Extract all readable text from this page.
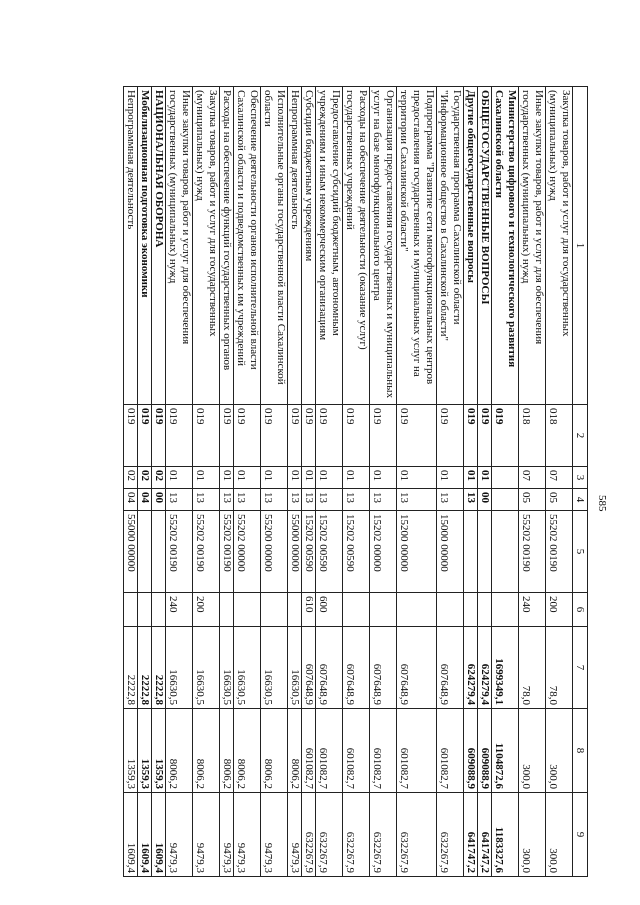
585
1	2	3	4	5	6	7	8	9
Закупка товаров, работ и услуг для государственных (муниципальных) нужд	018	07	05	55202 00190	200	78,0	300,0	300,0
Иные закупки товаров, работ и услуг для обеспечения государственных (муниципальных) нужд	018	07	05	55202 00190	240	78,0	300,0	300,0
Министерство цифрового и технологического развития Сахалинской области	019					1699349,1	1104872,6	1183327,6
ОБЩЕГОСУДАРСТВЕННЫЕ ВОПРОСЫ	019	01	00			624279,4	609088,9	641747,2
Другие общегосударственные вопросы	019	01	13			624279,4	609088,9	641747,2
Государственная программа Сахалинской области "Информационное общество в Сахалинской области"	019	01	13	15000 00000		607648,9	601082,7	632267,9
Подпрограмма "Развитие сети многофункциональных центров предоставления государственных и муниципальных услуг на территории Сахалинской области"	019	01	13	15200 00000		607648,9	601082,7	632267,9
Организация предоставления государственных и муниципальных услуг на базе многофункционального центра	019	01	13	15202 00000		607648,9	601082,7	632267,9
Расходы на обеспечение деятельности (оказание услуг) государственных учреждений	019	01	13	15202 00590		607648,9	601082,7	632267,9
Предоставление субсидий бюджетным, автономным учреждениям и иным некоммерческим организациям	019	01	13	15202 00590	600	607648,9	601082,7	632267,9
Субсидии бюджетным учреждениям	019	01	13	15202 00590	610	607648,9	601082,7	632267,9
Непрограммная деятельность	019	01	13	55000 00000		16630,5	8006,2	9479,3
Исполнительные органы государственной власти Сахалинской области	019	01	13	55200 00000		16630,5	8006,2	9479,3
Обеспечение деятельности органов исполнительной власти Сахалинской области и подведомственных им учреждений	019	01	13	55202 00000		16630,5	8006,2	9479,3
Расходы на обеспечение функций государственных органов	019	01	13	55202 00190		16630,5	8006,2	9479,3
Закупка товаров, работ и услуг для государственных (муниципальных) нужд	019	01	13	55202 00190	200	16630,5	8006,2	9479,3
Иные закупки товаров, работ и услуг для обеспечения государственных (муниципальных) нужд	019	01	13	55202 00190	240	16630,5	8006,2	9479,3
НАЦИОНАЛЬНАЯ ОБОРОНА	019	02	00			2222,8	1359,3	1609,4
Мобилизационная подготовка экономики	019	02	04			2222,8	1359,3	1609,4
Непрограммная деятельность	019	02	04	55000 00000		2222,8	1359,3	1609,4
